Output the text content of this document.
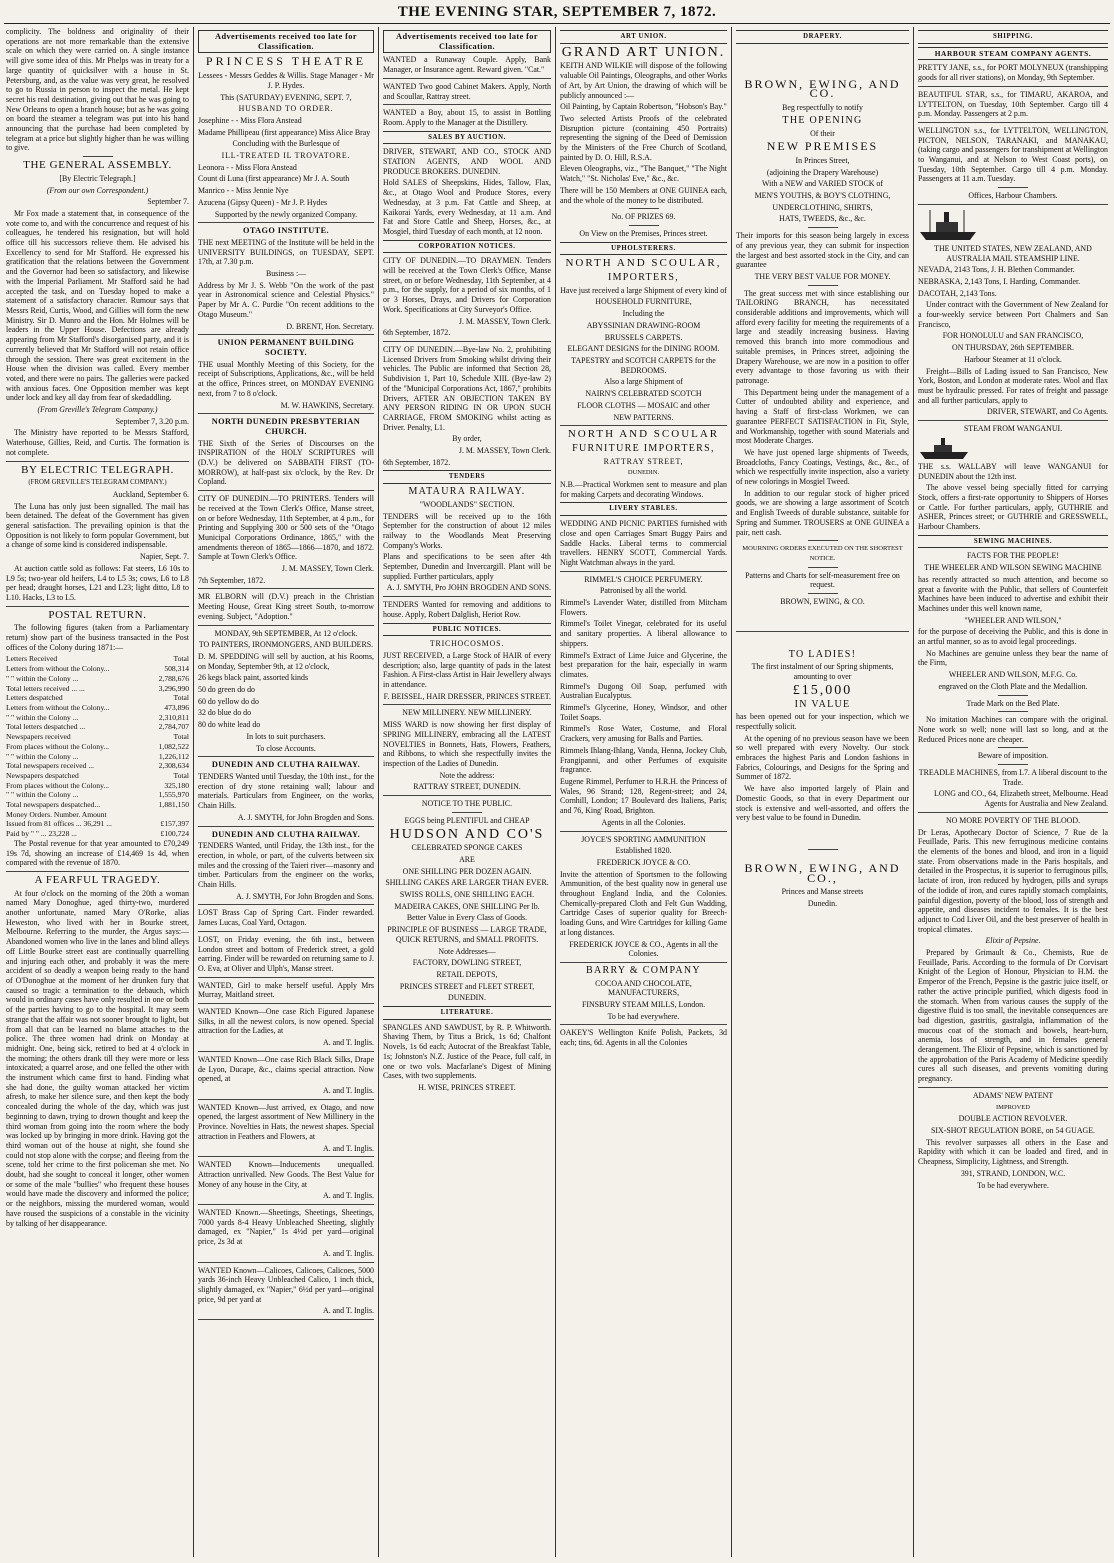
THE EVENING STAR, SEPTEMBER 7, 1872.

complicity. The boldness and originality of their operations are not more remarkable than the extensive scale on which they were carried on. A single instance will give some idea of this. Mr Phelps was in treaty for a large quantity of quicksilver with a house in St. Petersburg, and, as the value was very great, he resolved to go to Russia in person to inspect the metal. He kept secret his real destination, giving out that he was going to New Orleans to open a branch house; but as he was going on board the steamer a telegram was put into his hand announcing that the purchase had been completed by telegram at a price but slightly higher than he was willing to give.

THE GENERAL ASSEMBLY.

[By Electric Telegraph.]

(From our own Correspondent.)

September 7.

Mr Fox made a statement that, in consequence of the vote come to, and with the concurrence and request of his colleagues, he tendered his resignation, but will hold office till his successors relieve them. He advised his Excellency to send for Mr Stafford. He expressed his gratification that the relations between the Government and the Governor had been so satisfactory, and likewise with the Imperial Parliament. Mr Stafford said he had accepted the task, and on Tuesday hoped to make a statement of a satisfactory character. Rumour says that Messrs Reid, Curtis, Wood, and Gillies will form the new Ministry. Sir D. Munro and the Hon. Mr Holmes will be leaders in the Upper House. Defections are already appearing from Mr Stafford's disorganised party, and it is currently believed that Mr Stafford will not retain office through the session. There was great excitement in the House when the division was called. Every member voted, and there were no pairs. The galleries were packed with anxious faces. One Opposition member was kept under lock and key all day from fear of skedaddling.

(From Greville's Telegram Company.)

September 7, 3.20 p.m.

The Ministry have reported to be Messrs Stafford, Waterhouse, Gillies, Reid, and Curtis. The formation is not complete.

BY ELECTRIC TELEGRAPH.

(FROM GREVILLE'S TELEGRAM COMPANY.)

Auckland, September 6.

The Luna has only just been signalled. The mail has been detained. The defeat of the Government has given general satisfaction. The prevailing opinion is that the Opposition is not likely to form popular Government, but a change of some kind is considered indispensable.

Napier, Sept. 7.

At auction cattle sold as follows: Fat steers, L6 10s to L9 5s; two-year old heifers, L4 to L5 3s; cows, L6 to L8 per head; draught horses, L21 and L23; light ditto, L8 to L10. Hacks, L3 to L5.

POSTAL RETURN.

The following figures (taken from a Parliamentary return) show part of the business transacted in the Post offices of the Colony during 1871:—

Letters Received	Total
Letters from without the Colony...	508,314
" " within the Colony ...	2,788,676
Total letters received ... ...	3,296,990
Letters despatched	Total
Letters from without the Colony...	473,896
" " within the Colony ...	2,310,811
Total letters despatched ...	2,784,707
Newspapers received	Total
From places without the Colony...	1,082,522
" " within the Colony ...	1,226,112
Total newspapers received ...	2,308,634
Newspapers despatched	Total
From places without the Colony...	325,180
" " within the Colony ...	1,555,970
Total newspapers despatched...	1,881,150
Money Orders. Number. Amount	
Issued from 81 offices ... 36,291 ...	£157,397
Paid by " " ... 23,228 ...	£100,724

The Postal revenue for that year amounted to £70,249 19s 7d, showing an increase of £14,469 1s 4d, when compared with the revenue of 1870.

A FEARFUL TRAGEDY.

At four o'clock on the morning of the 20th a woman named Mary Donoghue, aged thirty-two, murdered another unfortunate, named Mary O'Rorke, alias Heweston, who lived with her in Bourke street, Melbourne. Referring to the murder, the Argus says:— Abandoned women who live in the lanes and blind alleys off Little Bourke street east are continually quarrelling and injuring each other, and probably it was the mere accident of so deadly a weapon being ready to the hand of O'Donoghue at the moment of her drunken fury that caused so tragic a termination to the debauch, which would in ordinary cases have only resulted in one or both of the parties having to go to the hospital. It may seem strange that the affair was not sooner brought to light, but from all that can be learned no blame attaches to the police. The three women had drink on Monday at midnight. One, being sick, retired to bed at 4 o'clock in the morning; the others drank till they were more or less intoxicated; a quarrel arose, and one felled the other with the instrument which came first to hand. Finding what she had done, the guilty woman attacked her victim afresh, to make her silence sure, and then kept the body concealed during the whole of the day, which was just beginning to dawn, trying to drown thought and keep the third woman from going into the room where the body was locked up by bringing in more drink. Having got the third woman out of the house at night, she found she could not stop alone with the corpse; and fleeing from the scene, told her crime to the first policeman she met. No doubt, had she sought to conceal it longer, other women or some of the male "bullies" who frequent these houses would have made the discovery and informed the police; or the neighbors, missing the murdered woman, would have roused the suspicions of a constable in the vicinity by talking of her disappearance.

Advertisements received too late for Classification.
PRINCESS THEATRE

Lessees - Messrs Geddes & Willis. Stage Manager - Mr J. P. Hydes.

This (SATURDAY) EVENING, SEPT. 7,

HUSBAND TO ORDER.

Josephine - - Miss Flora Anstead

Madame Phillipeau (first appearance) Miss Alice Bray

Concluding with the Burlesque of

ILL-TREATED IL TROVATORE.

Leonora - - Miss Flora Anstead

Count di Luna (first appearance) Mr J. A. South

Manrico - - Miss Jennie Nye

Azucena (Gipsy Queen) - Mr J. P. Hydes

Supported by the newly organized Company.

OTAGO INSTITUTE.

THE next MEETING of the Institute will be held in the UNIVERSITY BUILDINGS, on TUESDAY, SEPT. 17th, at 7.30 p.m.

Business :—

Address by Mr J. S. Webb "On the work of the past year in Astronomical science and Celestial Physics." Paper by Mr A. C. Purdie "On recent additions to the Otago Museum."

D. BRENT, Hon. Secretary.

UNION PERMANENT BUILDING SOCIETY.

THE usual Monthly Meeting of this Society, for the receipt of Subscriptions, Applications, &c., will be held at the office, Princes street, on MONDAY EVENING next, from 7 to 8 o'clock.

M. W. HAWKINS, Secretary.

NORTH DUNEDIN PRESBYTERIAN CHURCH.

THE Sixth of the Series of Discourses on the INSPIRATION of the HOLY SCRIPTURES will (D.V.) be delivered on SABBATH FIRST (TO-MORROW), at half-past six o'clock, by the Rev. Dr Copland.

CITY OF DUNEDIN.—TO PRINTERS. Tenders will be received at the Town Clerk's Office, Manse street, on or before Wednesday, 11th September, at 4 p.m., for Printing and Supplying 300 or 500 sets of the "Otago Municipal Corporations Ordinance, 1865," with the amendments thereon of 1865—1866—1870, and 1872. Sample at Town Clerk's Office.

J. M. MASSEY, Town Clerk.

7th September, 1872.

MR ELBORN will (D.V.) preach in the Christian Meeting House, Great King street South, to-morrow evening. Subject, "Adoption."

MONDAY, 9th SEPTEMBER, At 12 o'clock.

TO PAINTERS, IRONMONGERS, AND BUILDERS.

D. M. SPEDDING will sell by auction, at his Rooms, on Monday, September 9th, at 12 o'clock,

26 kegs black paint, assorted kinds

50 do green do do

60 do yellow do do

32 do blue do do

80 do white lead do

In lots to suit purchasers.

To close Accounts.

DUNEDIN AND CLUTHA RAILWAY.

TENDERS Wanted until Tuesday, the 10th inst., for the erection of dry stone retaining wall; labour and materials. Particulars from Engineer, on the works, Chain Hills.

A. J. SMYTH, for John Brogden and Sons.

DUNEDIN AND CLUTHA RAILWAY.

TENDERS Wanted, until Friday, the 13th inst., for the erection, in whole, or part, of the culverts between six miles and the crossing of the Taieri river—masonry and timber. Particulars from the engineer on the works, Chain Hills.

A. J. SMYTH, For John Brogden and Sons.

LOST Brass Cap of Spring Cart. Finder rewarded. James Lucas, Coal Yard, Octagon.

LOST, on Friday evening, the 6th inst., between London street and bottom of Frederick street, a gold earring. Finder will be rewarded on returning same to J. O. Eva, at Oliver and Ulph's, Manse street.

WANTED, Girl to make herself useful. Apply Mrs Murray, Maitland street.

WANTED Known—One case Rich Figured Japanese Silks, in all the newest colors, is now opened. Special attraction for the Ladies, at

A. and T. Inglis.

WANTED Known—One case Rich Black Silks, Drape de Lyon, Ducape, &c., claims special attraction. Now opened, at

A. and T. Inglis.

WANTED Known—Just arrived, ex Otago, and now opened, the largest assortment of New Millinery in the Province. Novelties in Hats, the newest shapes. Special attraction in Feathers and Flowers, at

A. and T. Inglis.

WANTED Known—Inducements unequalled. Attraction unrivalled. New Goods. The Best Value for Money of any house in the City, at

A. and T. Inglis.

WANTED Known.—Sheetings, Sheetings, Sheetings, 7000 yards 8-4 Heavy Unbleached Sheeting, slightly damaged, ex "Napier," 1s 4½d per yard—original price, 2s 3d at

A. and T. Inglis.

WANTED Known—Calicoes, Calicoes, Calicoes, 5000 yards 36-inch Heavy Unbleached Calico, 1 inch thick, slightly damaged, ex "Napier," 6½d per yard—original price, 9d per yard at

A. and T. Inglis.

Advertisements received too late for Classification.

WANTED a Runaway Couple. Apply, Bank Manager, or Insurance agent. Reward given. "Cat."

WANTED Two good Cabinet Makers. Apply, North and Scoullar, Rattray street.

WANTED a Boy, about 15, to assist in Bottling Room. Apply to the Manager at the Distillery.

SALES BY AUCTION.

DRIVER, STEWART, AND CO., STOCK AND STATION AGENTS, AND WOOL AND PRODUCE BROKERS. DUNEDIN.

Hold SALES of Sheepskins, Hides, Tallow, Flax, &c., at Otago Wool and Produce Stores, every Wednesday, at 3 p.m. Fat Cattle and Sheep, at Kaikorai Yards, every Wednesday, at 11 a.m. And Fat and Store Cattle and Sheep, Horses, &c., at Mosgiel, third Tuesday of each month, at 12 noon.

CORPORATION NOTICES.

CITY OF DUNEDIN.—TO DRAYMEN. Tenders will be received at the Town Clerk's Office, Manse street, on or before Wednesday, 11th September, at 4 p.m., for the supply, for a period of six months, of 1 or 3 Horses, Drays, and Drivers for Corporation Work. Specifications at City Surveyor's Office.

J. M. MASSEY, Town Clerk.

6th September, 1872.

CITY OF DUNEDIN.—Bye-law No. 2, prohibiting Licensed Drivers from Smoking whilst driving their vehicles. The Public are informed that Section 28, Subdivision 1, Part 10, Schedule XIII. (Bye-law 2) of the "Municipal Corporations Act, 1867," prohibits Drivers, AFTER AN OBJECTION TAKEN BY ANY PERSON RIDING IN OR UPON SUCH CARRIAGE, FROM SMOKING whilst acting as Driver. Penalty, L1.

By order,

J. M. MASSEY, Town Clerk.

6th September, 1872.

TENDERS
MATAURA RAILWAY.

"WOODLANDS" SECTION.

TENDERS will be received up to the 16th September for the construction of about 12 miles railway to the Woodlands Meat Preserving Company's Works.

Plans and specifications to be seen after 4th September, Dunedin and Invercargill. Plant will be supplied. Further particulars, apply

A. J. SMYTH, Pro JOHN BROGDEN AND SONS.

TENDERS Wanted for removing and additions to house. Apply, Robert Dalglish, Heriot Row.

PUBLIC NOTICES.

TRICHOCOSMOS.

JUST RECEIVED, a Large Stock of HAIR of every description; also, large quantity of pads in the latest Fashion. A First-class Artist in Hair Jewellery always in attendance.

F. BEISSEL, HAIR DRESSER, PRINCES STREET.

NEW MILLINERY. NEW MILLINERY.

MISS WARD is now showing her first display of SPRING MILLINERY, embracing all the LATEST NOVELTIES in Bonnets, Hats, Flowers, Feathers, and Ribbons, to which she respectfully invites the inspection of the Ladies of Dunedin.

Note the address:

RATTRAY STREET, DUNEDIN.

NOTICE TO THE PUBLIC.

EGGS being PLENTIFUL and CHEAP

HUDSON AND CO'S

CELEBRATED SPONGE CAKES

ARE

ONE SHILLING PER DOZEN AGAIN.

SHILLING CAKES ARE LARGER THAN EVER.

SWISS ROLLS, ONE SHILLING EACH.

MADEIRA CAKES, ONE SHILLING Per lb.

Better Value in Every Class of Goods.

PRINCIPLE OF BUSINESS — LARGE TRADE, QUICK RETURNS, and SMALL PROFITS.

Note Addresses—

FACTORY, DOWLING STREET,

RETAIL DEPOTS,

PRINCES STREET and FLEET STREET,

DUNEDIN.

LITERATURE.

SPANGLES AND SAWDUST, by R. P. Whitworth. Shaving Them, by Titus a Brick, 1s 6d; Chalfont Novels, 1s 6d each; Autocrat of the Breakfast Table, 1s; Johnston's N.Z. Justice of the Peace, full calf, in one or two vols. Macfarlane's Digest of Mining Cases, with two supplements.

H. WISE, PRINCES STREET.

ART UNION.
GRAND ART UNION.

KEITH AND WILKIE will dispose of the following valuable Oil Paintings, Oleographs, and other Works of Art, by Art Union, the drawing of which will be publicly announced :—

Oil Painting, by Captain Robertson, "Hobson's Bay."

Two selected Artists Proofs of the celebrated Disruption picture (containing 450 Portraits) representing the signing of the Deed of Demission by the Ministers of the Free Church of Scotland, painted by D. O. Hill, R.S.A.

Eleven Oleographs, viz., "The Banquet," "The Night Watch," "St. Nicholas' Eve," &c., &c.

There will be 150 Members at ONE GUINEA each, and the whole of the money to be distributed.

No. OF PRIZES 69.

On View on the Premises, Princes street.

UPHOLSTERERS.
NORTH AND SCOULAR,
IMPORTERS,

Have just received a large Shipment of every kind of

HOUSEHOLD FURNITURE,

Including the

ABYSSINIAN DRAWING-ROOM

BRUSSELS CARPETS.

ELEGANT DESIGNS for the DINING ROOM.

TAPESTRY and SCOTCH CARPETS for the BEDROOMS.

Also a large Shipment of

NAIRN'S CELEBRATED SCOTCH

FLOOR CLOTHS — MOSAIC and other

NEW PATTERNS.

NORTH AND SCOULAR
FURNITURE IMPORTERS,

RATTRAY STREET,

DUNEDIN.

N.B.—Practical Workmen sent to measure and plan for making Carpets and decorating Windows.

LIVERY STABLES.

WEDDING AND PICNIC PARTIES furnished with close and open Carriages Smart Buggy Pairs and Saddle Hacks. Liberal terms to commercial travellers. HENRY SCOTT, Commercial Yards. Night Watchman always in the yard.

RIMMEL'S CHOICE PERFUMERY.

Patronised by all the world.

Rimmel's Lavender Water, distilled from Mitcham Flowers.

Rimmel's Toilet Vinegar, celebrated for its useful and sanitary properties. A liberal allowance to shippers.

Rimmel's Extract of Lime Juice and Glycerine, the best preparation for the hair, especially in warm climates.

Rimmel's Dugong Oil Soap, perfumed with Australian Eucalyptus.

Rimmel's Glycerine, Honey, Windsor, and other Toilet Soaps.

Rimmel's Rose Water, Costume, and Floral Crackers, very amusing for Balls and Parties.

Rimmels Ihlang-Ihlang, Vanda, Henna, Jockey Club, Frangipanni, and other Perfumes of exquisite fragrance.

Eugene Rimmel, Perfumer to H.R.H. the Princess of Wales, 96 Strand; 128, Regent-street; and 24, Cornhill, London; 17 Boulevard des Italiens, Paris; and 76, King' Road, Brighton.

Agents in all the Colonies.

JOYCE'S SPORTING AMMUNITION

Established 1820.

FREDERICK JOYCE & CO.

Invite the attention of Sportsmen to the following Ammunition, of the best quality now in general use throughout England India, and the Colonies. Chemically-prepared Cloth and Felt Gun Wadding, Cartridge Cases of superior quality for Breech-loading Guns, and Wire Cartridges for killing Game at long distances.

FREDERICK JOYCE & CO., Agents in all the Colonies.

BARRY & COMPANY

COCOA AND CHOCOLATE, MANUFACTURERS,

FINSBURY STEAM MILLS, London.

To be had everywhere.

OAKEY'S Wellington Knife Polish, Packets, 3d each; tins, 6d. Agents in all the Colonies

DRAPERY.
BROWN, EWING, AND CO.

Beg respectfully to notify

THE OPENING

Of their

NEW PREMISES

In Princes Street,

(adjoining the Drapery Warehouse)

With a NEW and VARIED STOCK of

MEN'S YOUTHS, & BOY'S CLOTHING,

UNDERCLOTHING, SHIRTS,

HATS, TWEEDS, &c., &c.

Their imports for this season being largely in excess of any previous year, they can submit for inspection the largest and best assorted stock in the City, and can guarantee

THE VERY BEST VALUE FOR MONEY.

The great success met with since establishing our TAILORING BRANCH, has necessitated considerable additions and improvements, which will afford every facility for meeting the requirements of a large and steadily increasing business. Having removed this branch into more commodious and suitable premises, in Princes street, adjoining the Drapery Warehouse, we are now in a position to offer every advantage to those favoring us with their patronage.

This Department being under the management of a Cutter of undoubted ability and experience, and having a Staff of first-class Workmen, we can guarantee PERFECT SATISFACTION in Fit, Style, and Workmanship, together with sound Materials and most Moderate Charges.

We have just opened large shipments of Tweeds, Broadcloths, Fancy Coatings, Vestings, &c., &c., of which we respectfully invite inspection, also a variety of new colorings in Mosgiel Tweed.

In addition to our regular stock of higher priced goods, we are showing a large assortment of Scotch and English Tweeds of durable substance, suitable for Spring and Summer. TROUSERS at ONE GUINEA a pair, nett cash.

MOURNING ORDERS EXECUTED ON THE SHORTEST NOTICE.

Patterns and Charts for self-measurement free on request.

BROWN, EWING, & CO.

TO LADIES!

The first instalment of our Spring shipments, amounting to over

£15,000
IN VALUE

has been opened out for your inspection, which we respectfully solicit.

At the opening of no previous season have we been so well prepared with every Novelty. Our stock embraces the highest Paris and London fashions in Fabrics, Colourings, and Designs for the Spring and Summer of 1872.

We have also imported largely of Plain and Domestic Goods, so that in every Department our stock is extensive and well-assorted, and offers the very best value to be found in Dunedin.

BROWN, EWING, AND CO.,

Princes and Manse streets

Dunedin.

SHIPPING.
HARBOUR STEAM COMPANY AGENTS.

PRETTY JANE, s.s., for PORT MOLYNEUX (transhipping goods for all river stations), on Monday, 9th September.

BEAUTIFUL STAR, s.s., for TIMARU, AKAROA, and LYTTELTON, on Tuesday, 10th September. Cargo till 4 p.m. Monday. Passengers at 2 p.m.

WELLINGTON s.s., for LYTTELTON, WELLINGTON, PICTON, NELSON, TARANAKI, and MANAKAU, (taking cargo and passengers for transhipment at Wellington to Wanganui, and at Nelson to West Coast ports), on Tuesday, 10th September. Cargo till 4 p.m. Monday. Passengers at 11 a.m. Tuesday.

Offices, Harbour Chambers.

THE UNITED STATES, NEW ZEALAND, AND AUSTRALIA MAIL STEAMSHIP LINE.

NEVADA, 2143 Tons, J. H. Blethen Commander.

NEBRASKA, 2,143 Tons, I. Harding, Commander.

DACOTAH, 2,143 Tons.

Under contract with the Government of New Zealand for a four-weekly service between Port Chalmers and San Francisco,

FOR HONOLULU and SAN FRANCISCO,

ON THURSDAY, 26th SEPTEMBER.

Harbour Steamer at 11 o'clock.

Freight—Bills of Lading issued to San Francisco, New York, Boston, and London at moderate rates. Wool and flax must be hydraulic pressed. For rates of freight and passage and all further particulars, apply to

DRIVER, STEWART, and Co Agents.

STEAM FROM WANGANUI.

THE s.s. WALLABY will leave WANGANUI for DUNEDIN about the 12th inst.

The above vessel being specially fitted for carrying Stock, offers a first-rate opportunity to Shippers of Horses or Cattle. For further particulars, apply, GUTHRIE and ASHER, Princes street; or GUTHRIE and GRESSWELL, Harbour Chambers.

SEWING MACHINES.

FACTS FOR THE PEOPLE!

THE WHEELER AND WILSON SEWING MACHINE

has recently attracted so much attention, and become so great a favorite with the Public, that sellers of Counterfeit Machines have been induced to advertise and exhibit their Machines under this well known name,

"WHEELER AND WILSON,"

for the purpose of deceiving the Public, and this is done in an artful manner, so as to avoid legal proceedings.

No Machines are genuine unless they bear the name of the Firm,

WHEELER AND WILSON, M.F.G. Co.

engraved on the Cloth Plate and the Medallion.

Trade Mark on the Bed Plate.

No imitation Machines can compare with the original. None work so well; none will last so long, and at the Reduced Prices none are cheaper.

Beware of imposition.

TREADLE MACHINES, from L7. A liberal discount to the Trade.

LONG and CO., 64, Elizabeth street, Melbourne. Head Agents for Australia and New Zealand.

NO MORE POVERTY OF THE BLOOD.

Dr Leras, Apothecary Doctor of Science, 7 Rue de la Feuillade, Paris. This new ferruginous medicine contains the elements of the bones and blood, and iron in a liquid state. From observations made in the Paris hospitals, and detailed in the Prospectus, it is superior to ferruginous pills, lactate of iron, iron reduced by hydrogen, pills and syrups of the iodide of iron, and cures rapidly stomach complaints, painful digestion, poverty of the blood, loss of strength and appetite, and diseases incident to females. It is the best adjunct to Cod Liver Oil, and the best preserver of health in tropical climates.

Elixir of Pepsine.

Prepared by Grimault & Co., Chemists, Rue de Feuillade, Paris. According to the formula of Dr Corvisart Knight of the Legion of Honour, Physician to H.M. the Emperor of the French, Pepsine is the gastric juice itself, or rather the active principle purified, which digests food in the stomach. When from various causes the supply of the digestive fluid is too small, the inevitable consequences are bad digestion, gastritis, gastralgia, inflammation of the mucous coat of the stomach and bowels, heart-burn, anemia, loss of strength, and in females general derangement. The Elixir of Pepsine, which is sanctioned by the approbation of the Paris Academy of Medicine speedily cures all such diseases, and prevents vomiting during pregnancy.

ADAMS' NEW PATENT

IMPROVED

DOUBLE ACTION REVOLVER.

SIX-SHOT REGULATION BORE, on 54 GUAGE.

This revolver surpasses all others in the Ease and Rapidity with which it can be loaded and fired, and in Cheapness, Simplicity, Lightness, and Strength.

391, STRAND, LONDON, W.C.

To be had everywhere.
